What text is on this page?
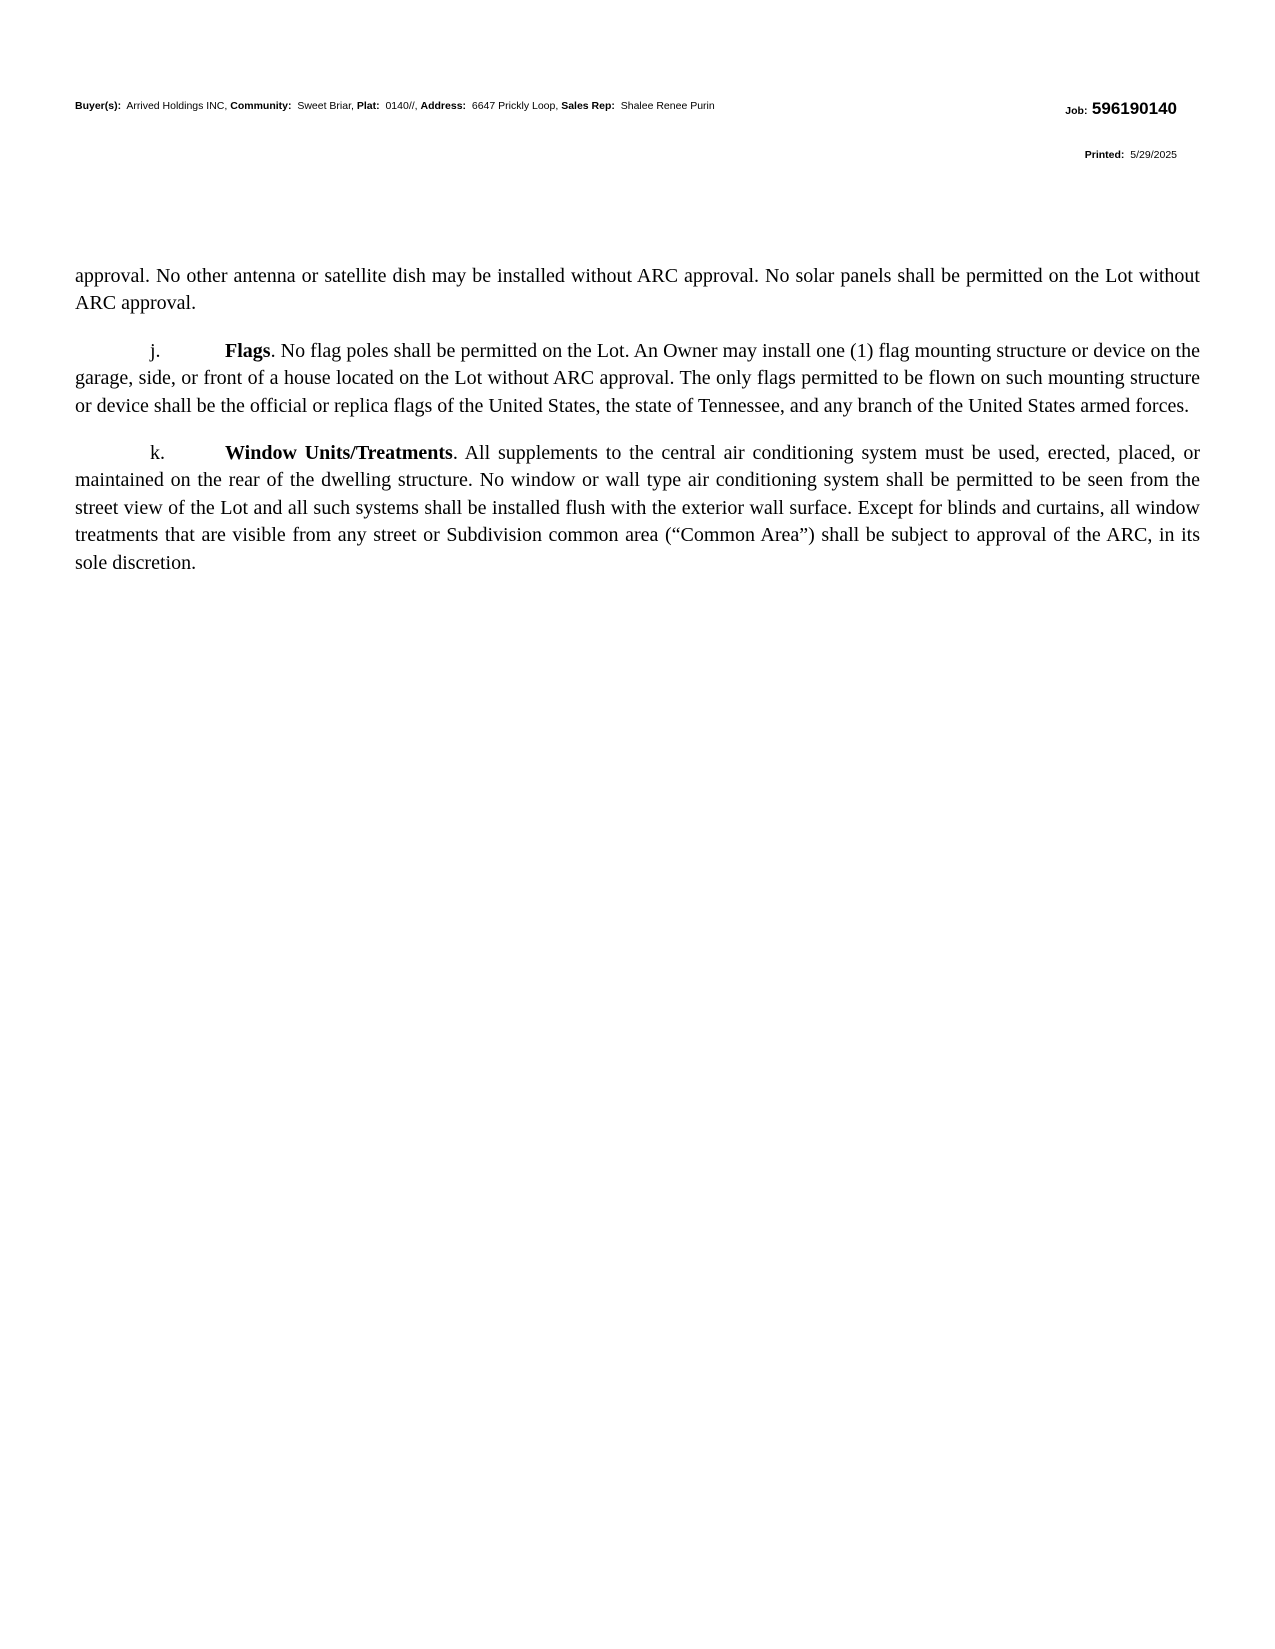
Buyer(s): Arrived Holdings INC, Community: Sweet Briar, Plat: 0140//, Address: 6647 Prickly Loop, Sales Rep: Shalee Renee Purin	Job: 596190140
Printed: 5/29/2025

approval. No other antenna or satellite dish may be installed without ARC approval. No solar panels shall be permitted on the Lot without ARC approval.

j.	Flags. No flag poles shall be permitted on the Lot. An Owner may install one (1) flag mounting structure or device on the garage, side, or front of a house located on the Lot without ARC approval. The only flags permitted to be flown on such mounting structure or device shall be the official or replica flags of the United States, the state of Tennessee, and any branch of the United States armed forces.

k.	Window Units/Treatments. All supplements to the central air conditioning system must be used, erected, placed, or maintained on the rear of the dwelling structure. No window or wall type air conditioning system shall be permitted to be seen from the street view of the Lot and all such systems shall be installed flush with the exterior wall surface. Except for blinds and curtains, all window treatments that are visible from any street or Subdivision common area (“Common Area”) shall be subject to approval of the ARC, in its sole discretion.
